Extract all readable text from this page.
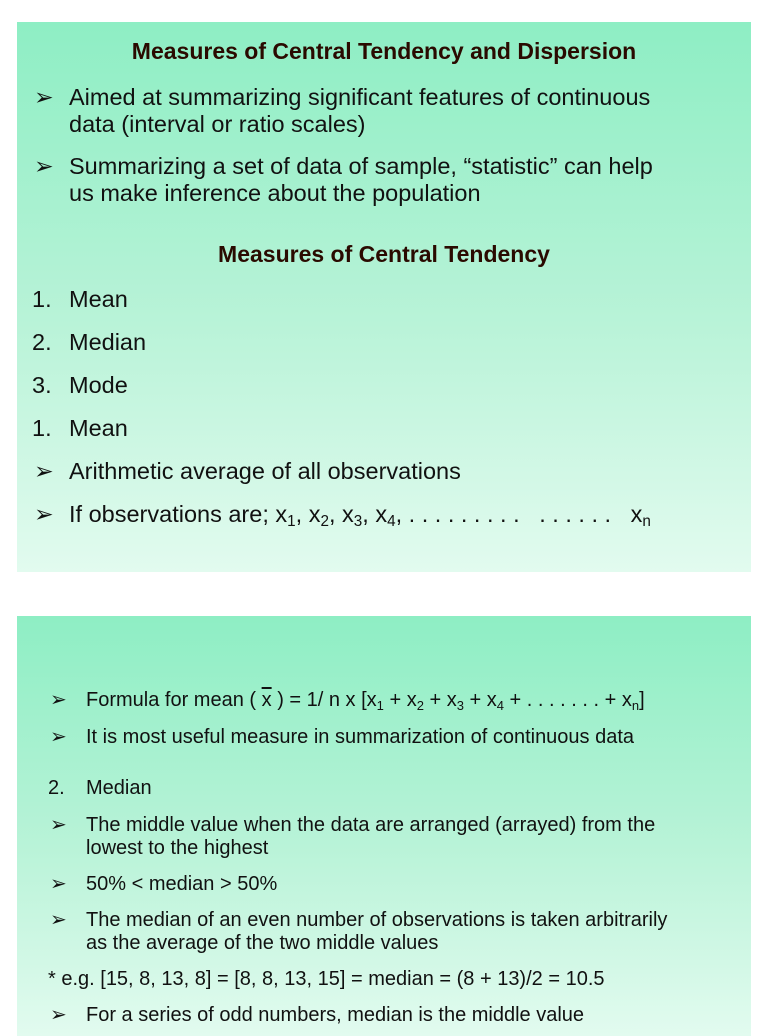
Measures of Central Tendency and Dispersion
➢ Aimed at summarizing significant features of continuous
data (interval or ratio scales)
➢ Summarizing a set of data of sample, “statistic” can help
us make inference about the population
Measures of Central Tendency
1. Mean
2. Median
3. Mode
1. Mean
➢ Arithmetic average of all observations
➢ If observations are; $x_1$, $x_2$, $x_3$, $x_4$, . . . . . . . . .   . . . . . . $x_n$
➢ Formula for mean ( $\overline{x}$ ) = 1/ n x [$x_1 + x_2 + x_3 + x_4$ + . . . . . . . + $x_n$]
➢ It is most useful measure in summarization of continuous data
2. Median
➢ The middle value when the data are arranged (arrayed) from the
lowest to the highest
➢ 50% < median > 50%
➢ The median of an even number of observations is taken arbitrarily
as the average of the two middle values
* e.g. [15, 8, 13, 8] = [8, 8, 13, 15] = median = (8 + 13)/2 = 10.5
➢ For a series of odd numbers, median is the middle value
